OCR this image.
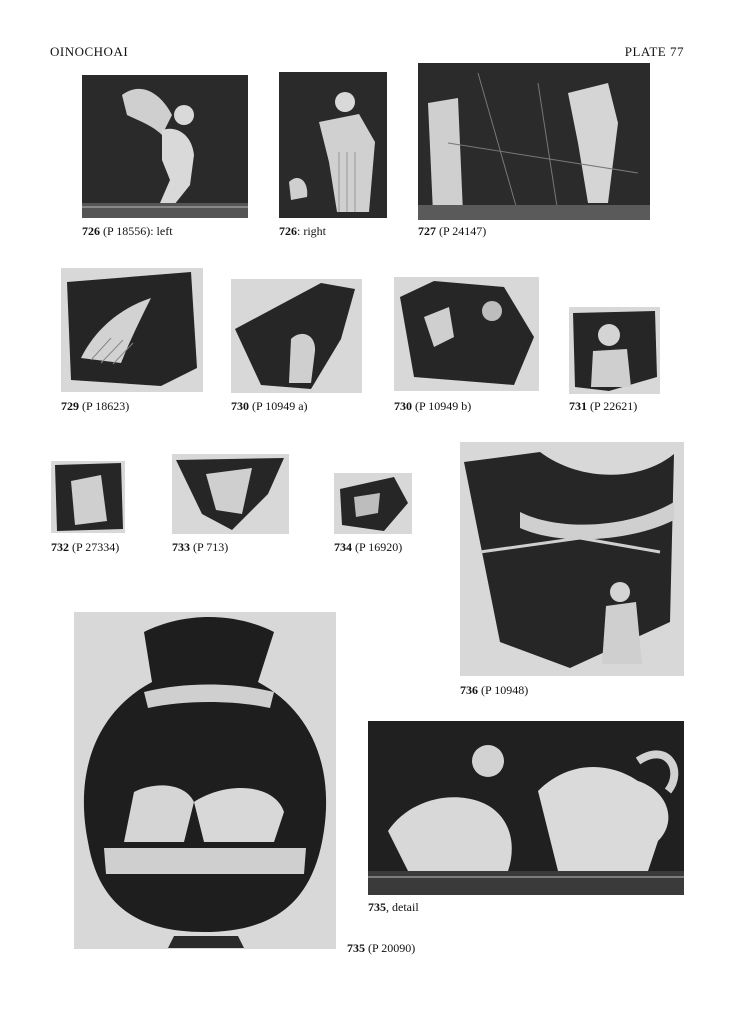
OINOCHOAI	PLATE 77
726 (P 18556): left	726: right	727 (P 24147)
729 (P 18623)	730 (P 10949 a)	730 (P 10949 b)	731 (P 22621)
732 (P 27334)	733 (P 713)	734 (P 16920)
736 (P 10948)
735, detail
735 (P 20090)
